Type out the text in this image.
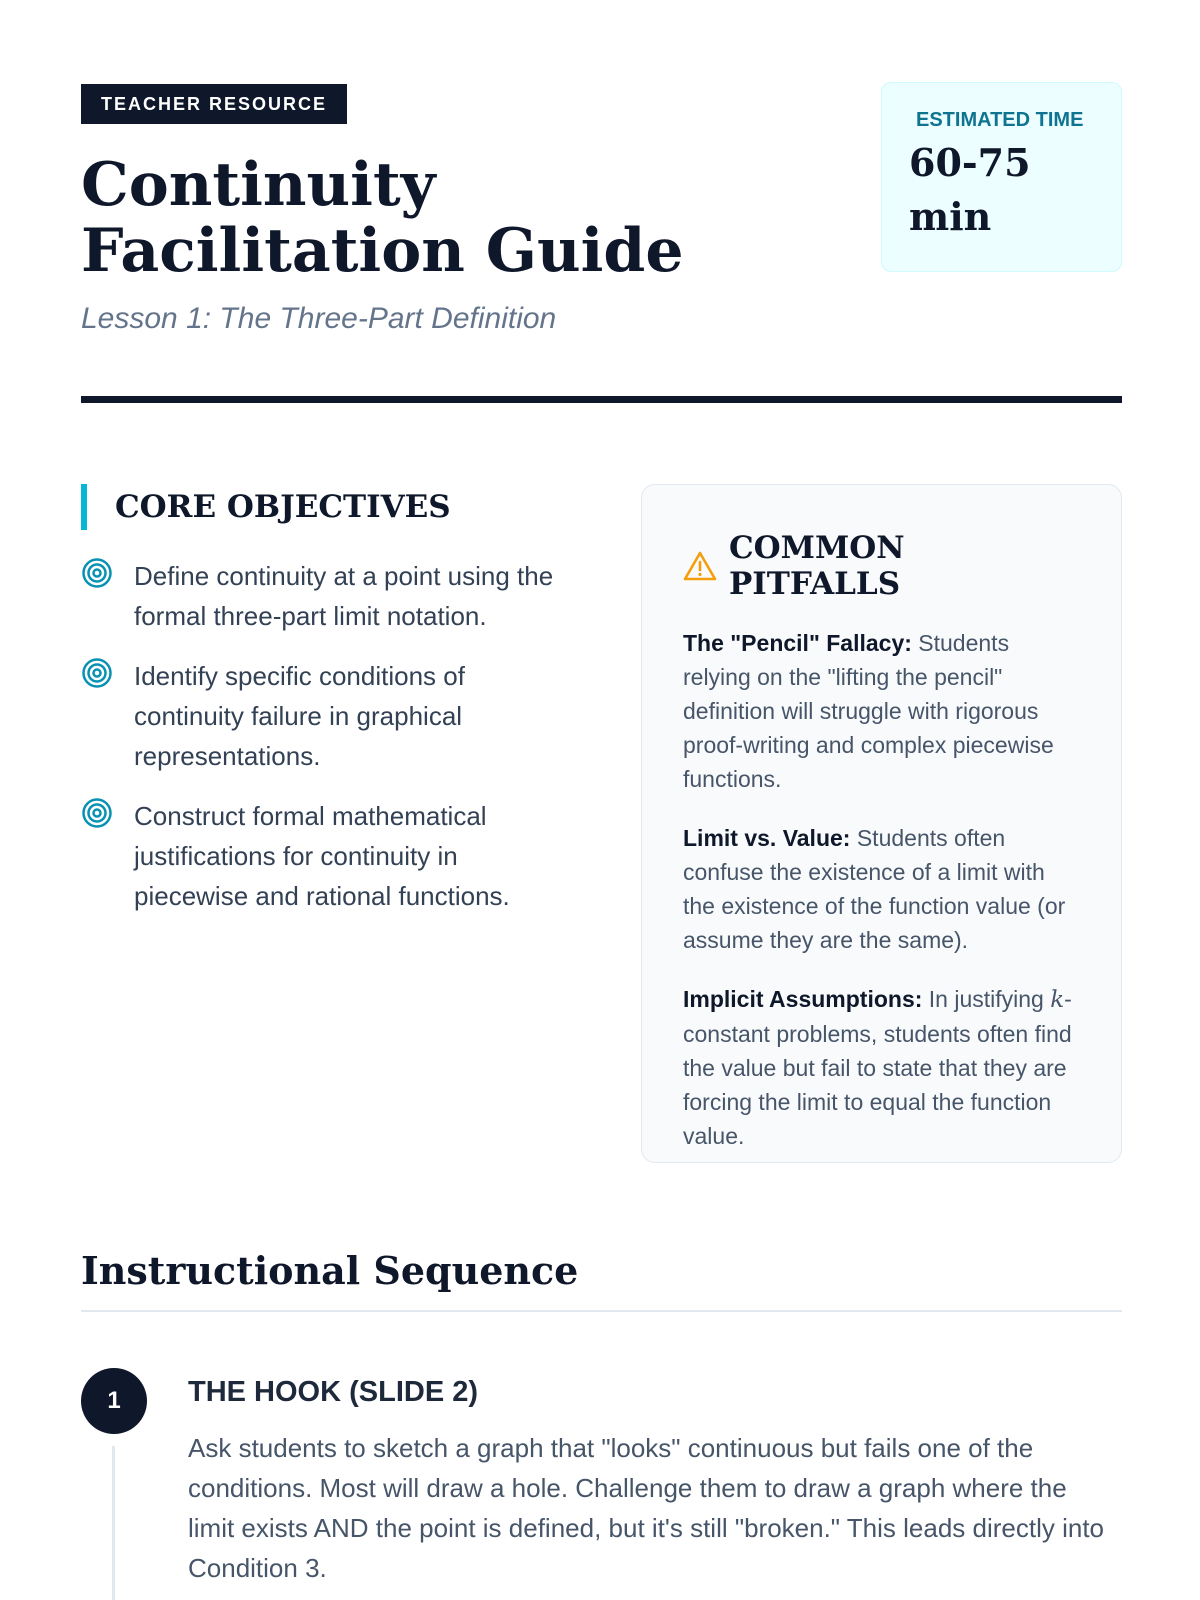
TEACHER RESOURCE
Continuity Facilitation Guide
Lesson 1: The Three-Part Definition
ESTIMATED TIME
60-75 min
CORE OBJECTIVES
Define continuity at a point using the formal three-part limit notation.
Identify specific conditions of continuity failure in graphical representations.
Construct formal mathematical justifications for continuity in piecewise and rational functions.
COMMON PITFALLS

The "Pencil" Fallacy: Students relying on the "lifting the pencil" definition will struggle with rigorous proof-writing and complex piecewise functions.

Limit vs. Value: Students often confuse the existence of a limit with the existence of the function value (or assume they are the same).

Implicit Assumptions: In justifying k-constant problems, students often find the value but fail to state that they are forcing the limit to equal the function value.

Instructional Sequence
1	THE HOOK (SLIDE 2)

Ask students to sketch a graph that "looks" continuous but fails one of the conditions. Most will draw a hole. Challenge them to draw a graph where the limit exists AND the point is defined, but it's still "broken." This leads directly into Condition 3.
